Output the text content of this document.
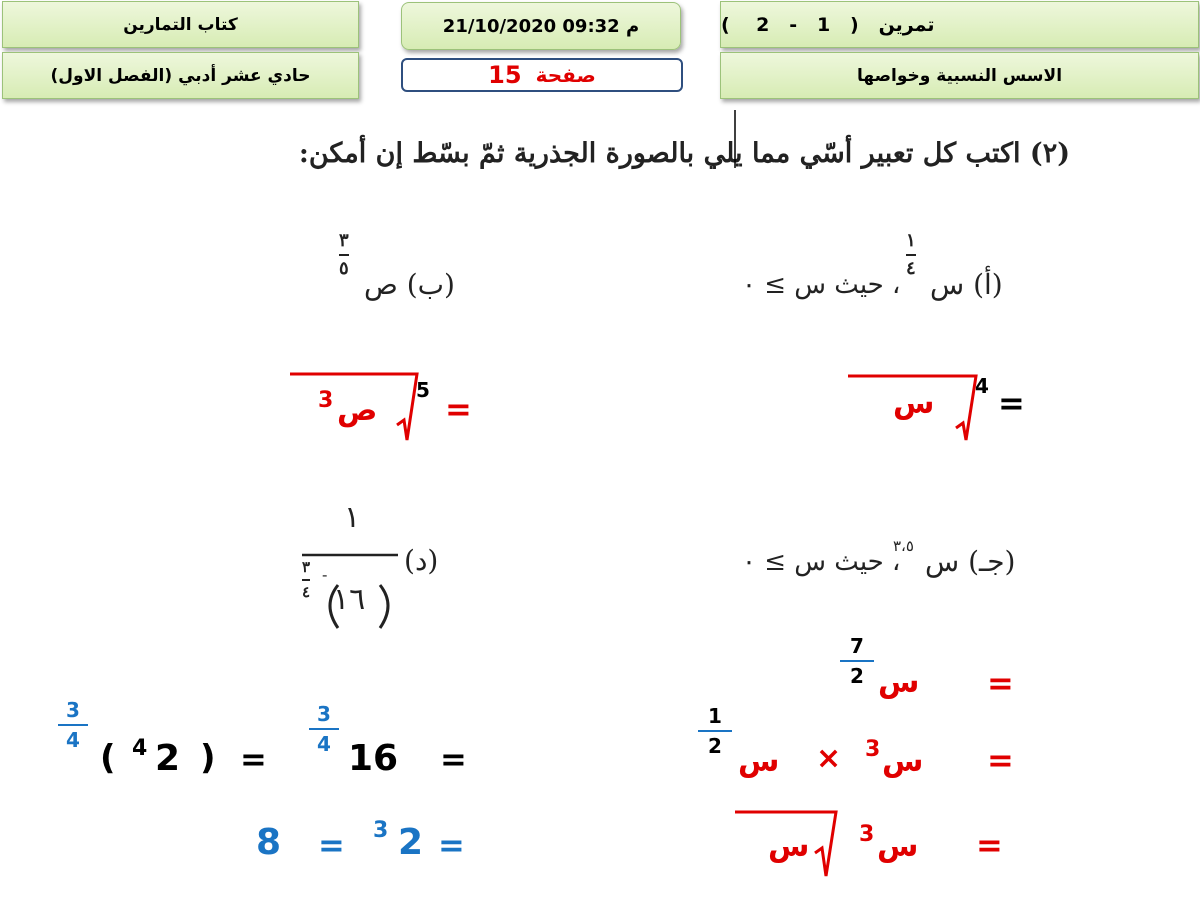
تمرين   (   1   -   2    )
كتاب التمارين	21/10/2020 09:32 م
الاسس النسبية وخواصها
صفحة
15
حادي عشر أدبي (الفصل الاول)
(٢) اكتب كل تعبير أسّي مما يلي بالصورة الجذرية ثمّ بسّط إن أمكن:
(أ) س
١
٤
، حيث س ≥ ٠
(ب) ص
٣
٥
(جـ) س
٣،٥
، حيث س ≥ ٠
(د)
١
١٦
٣
٤
-
=
4
س
=
5
ص
3
=
س
7
2
=
س
3
×
س
1
2
=
س
3
س
=
16
3
4
=
)
2
4
(
3
4
=
2
3
=
8
